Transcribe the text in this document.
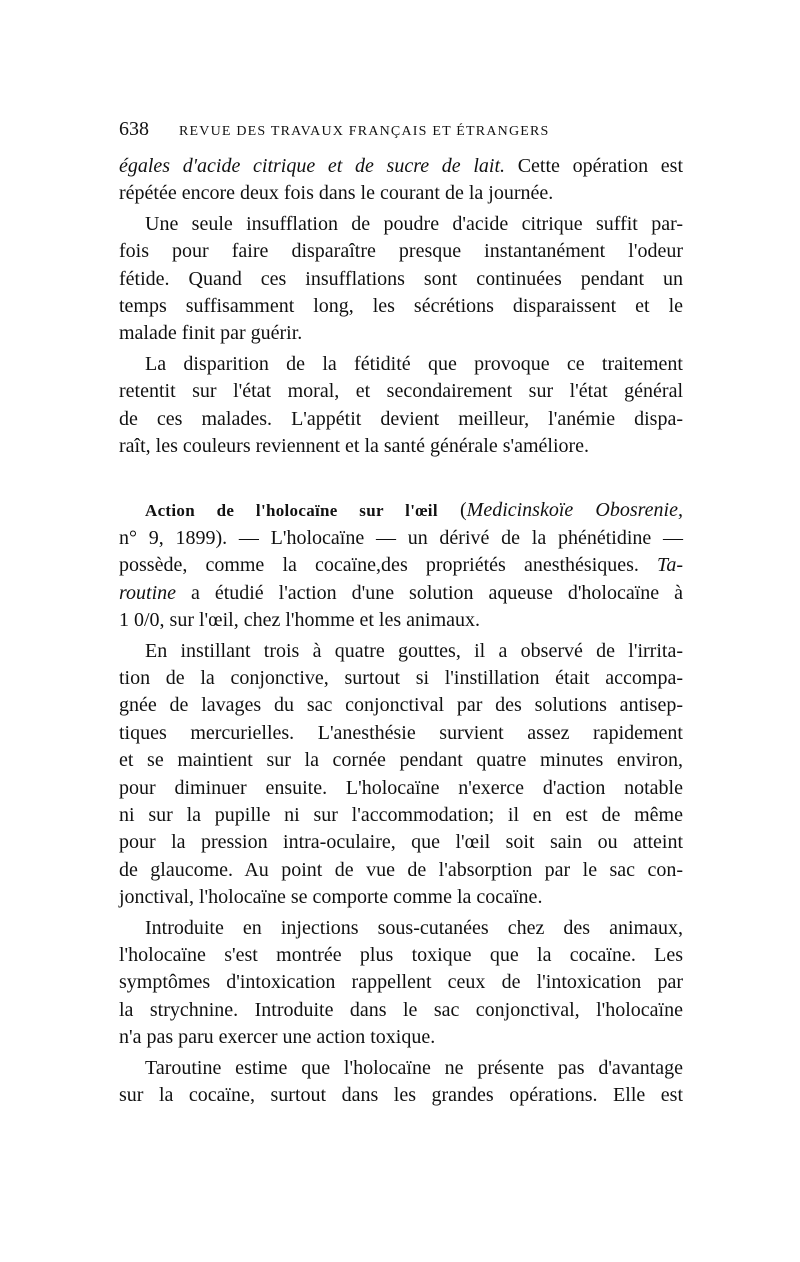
638	REVUE DES TRAVAUX FRANÇAIS ET ÉTRANGERS
égales d'acide citrique et de sucre de lait. Cette opération est
répétée encore deux fois dans le courant de la journée.
Une seule insufflation de poudre d'acide citrique suffit par-
fois pour faire disparaître presque instantanément l'odeur
fétide. Quand ces insufflations sont continuées pendant un
temps suffisamment long, les sécrétions disparaissent et le
malade finit par guérir.
La disparition de la fétidité que provoque ce traitement
retentit sur l'état moral, et secondairement sur l'état général
de ces malades. L'appétit devient meilleur, l'anémie dispa-
raît, les couleurs reviennent et la santé générale s'améliore.
Action de l'holocaïne sur l'œil (Medicinskoïe Obosrenie,
n° 9, 1899). — L'holocaïne — un dérivé de la phénétidine —
possède, comme la cocaïne,des propriétés anesthésiques. Ta-
routine a étudié l'action d'une solution aqueuse d'holocaïne à
1 0/0, sur l'œil, chez l'homme et les animaux.
En instillant trois à quatre gouttes, il a observé de l'irrita-
tion de la conjonctive, surtout si l'instillation était accompa-
gnée de lavages du sac conjonctival par des solutions antisep-
tiques mercurielles. L'anesthésie survient assez rapidement
et se maintient sur la cornée pendant quatre minutes environ,
pour diminuer ensuite. L'holocaïne n'exerce d'action notable
ni sur la pupille ni sur l'accommodation; il en est de même
pour la pression intra-oculaire, que l'œil soit sain ou atteint
de glaucome. Au point de vue de l'absorption par le sac con-
jonctival, l'holocaïne se comporte comme la cocaïne.
Introduite en injections sous-cutanées chez des animaux,
l'holocaïne s'est montrée plus toxique que la cocaïne. Les
symptômes d'intoxication rappellent ceux de l'intoxication par
la strychnine. Introduite dans le sac conjonctival, l'holocaïne
n'a pas paru exercer une action toxique.
Taroutine estime que l'holocaïne ne présente pas d'avantage
sur la cocaïne, surtout dans les grandes opérations. Elle est
